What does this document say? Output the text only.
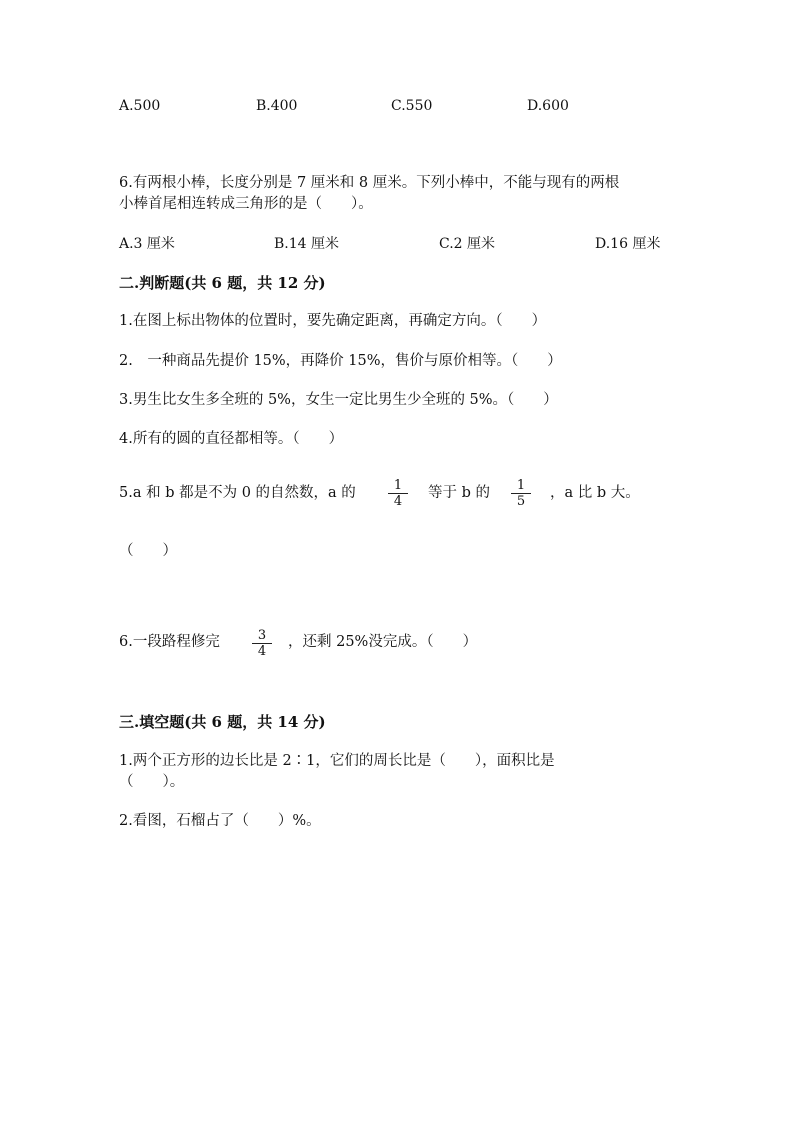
A.500	B.400	C.550	D.600
6.有两根小棒，长度分别是 7 厘米和 8 厘米。下列小棒中，不能与现有的两根
小棒首尾相连转成三角形的是（　　）。
A.3 厘米	B.14 厘米	C.2 厘米	D.16 厘米
二.判断题(共 6 题，共 12 分)
1.在图上标出物体的位置时，要先确定距离，再确定方向。（　　）
2.　一种商品先提价 15%，再降价 15%，售价与原价相等。（　　）
3.男生比女生多全班的 5%，女生一定比男生少全班的 5%。（　　）
4.所有的圆的直径都相等。（　　）
5.a 和 b 都是不为 0 的自然数，a 的 $\frac{1}{4}$ 等于 b 的 $\frac{1}{5}$ ，a 比 b 大。
（　　）
6.一段路程修完 $\frac{3}{4}$ ，还剩 25%没完成。（　　）
三.填空题(共 6 题，共 14 分)
1.两个正方形的边长比是 2∶1，它们的周长比是（　　），面积比是
（　　）。
2.看图，石榴占了（　　）%。
